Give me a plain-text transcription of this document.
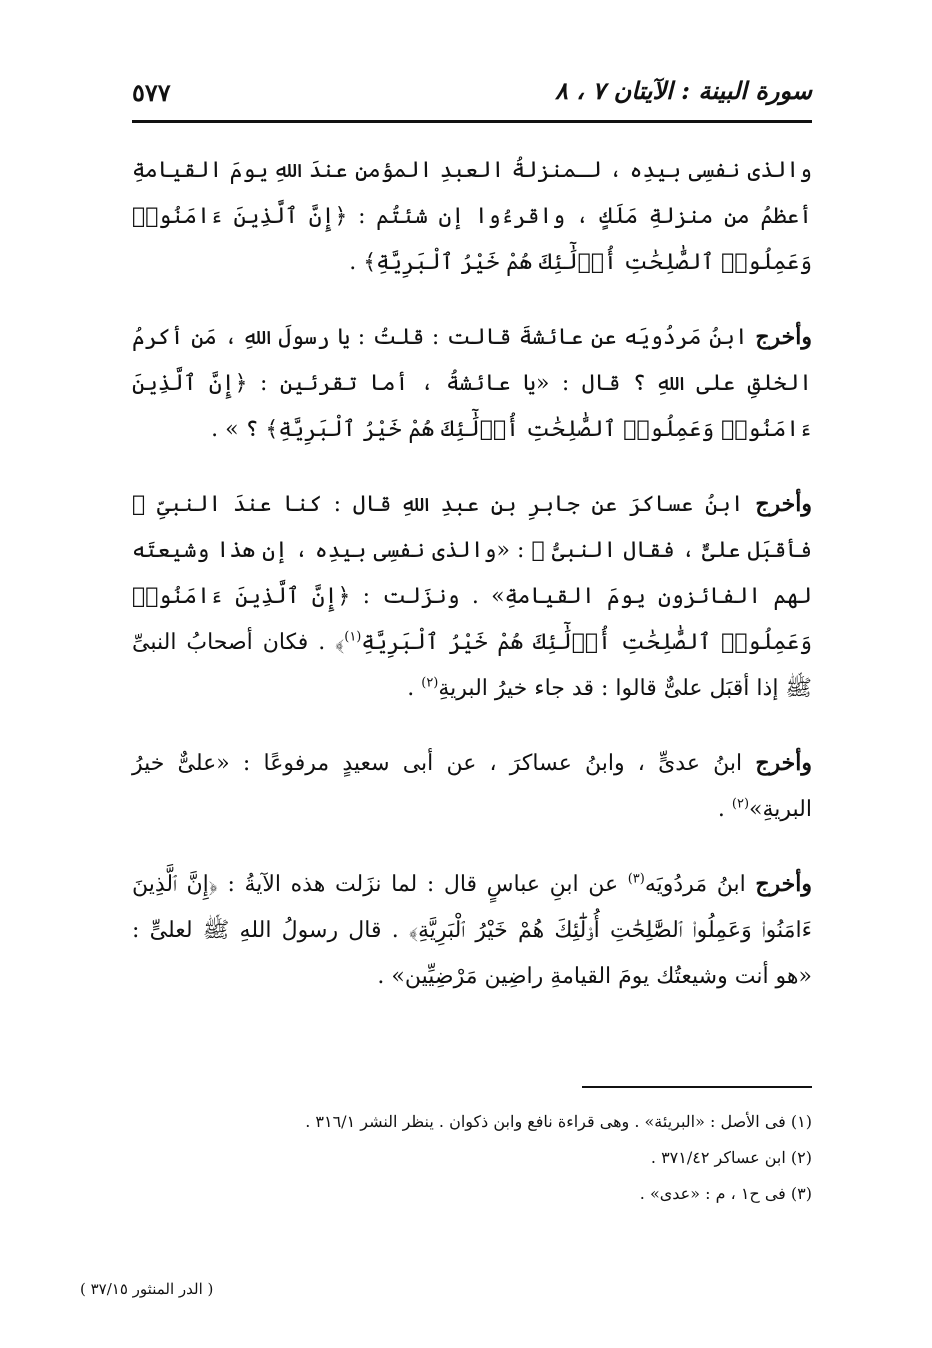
سورة البينة : الآيتان ٧ ، ٨
٥٧٧

والذى نفسِى بيدِه ، لـمنزلةُ العبدِ المؤمنِ عندَ اللهِ يومَ القيامةِ أعظمُ من منزلةِ مَلَكٍ ، واقرءُوا إن شئتُم : ﴿إِنَّ ٱلَّذِينَ ءَامَنُوا۟ وَعَمِلُوا۟ ٱلصَّٰلِحَٰتِ أُو۟لَٰٓئِكَ هُمْ خَيْرُ ٱلْبَرِيَّةِ﴾ .

وأخرج ابنُ مَردُويَه عن عائشةَ قالت : قلتُ : يا رسولَ اللهِ ، مَن أكرمُ الخلقِ على اللهِ ؟ قال : «يا عائشةُ ، أما تقرئين : ﴿إِنَّ ٱلَّذِينَ ءَامَنُوا۟ وَعَمِلُوا۟ ٱلصَّٰلِحَٰتِ أُو۟لَٰٓئِكَ هُمْ خَيْرُ ٱلْبَرِيَّةِ﴾ ؟ » .

وأخرج ابنُ عساكرَ عن جابرِ بنِ عبدِ اللهِ قال : كنا عندَ النبىِّ ﷺ فأقبَل علىٌّ ، فقال النبىُّ ﷺ : «والذى نفسِى بيدِه ، إن هذا وشيعتَه لهم الفائزون يومَ القيامةِ» . ونزَلت : ﴿إِنَّ ٱلَّذِينَ ءَامَنُوا۟ وَعَمِلُوا۟ ٱلصَّٰلِحَٰتِ أُو۟لَٰٓئِكَ هُمْ خَيْرُ ٱلْبَرِيَّةِ$^{(١)}$﴾ . فكان أصحابُ النبىِّ ﷺ إذا أقبَل علىٌّ قالوا : قد جاء خيرُ البريةِ$^{(٢)}$ .

وأخرج ابنُ عدىٍّ ، وابنُ عساكرَ ، عن أبى سعيدٍ مرفوعًا : «علىٌّ خيرُ البريةِ»$^{(٢)}$ .

وأخرج ابنُ مَردُويَه$^{(٣)}$ عن ابنِ عباسٍ قال : لما نزَلت هذه الآيةُ : ﴿إِنَّ ٱلَّذِينَ ءَامَنُوا۟ وَعَمِلُوا۟ ٱلصَّٰلِحَٰتِ أُو۟لَٰٓئِكَ هُمْ خَيْرُ ٱلْبَرِيَّةِ﴾ . قال رسولُ اللهِ ﷺ لعلىٍّ : «هو أنت وشيعتُك يومَ القيامةِ راضِين مَرْضِيِّين» .

(١) فى الأصل : «البريئة» . وهى قراءة نافع وابن ذكوان . ينظر النشر ٣١٦/١ .

(٢) ابن عساكر ٣٧١/٤٢ .

(٣) فى ح١ ، م : «عدى» .

( الدر المنثور ٣٧/١٥ )
